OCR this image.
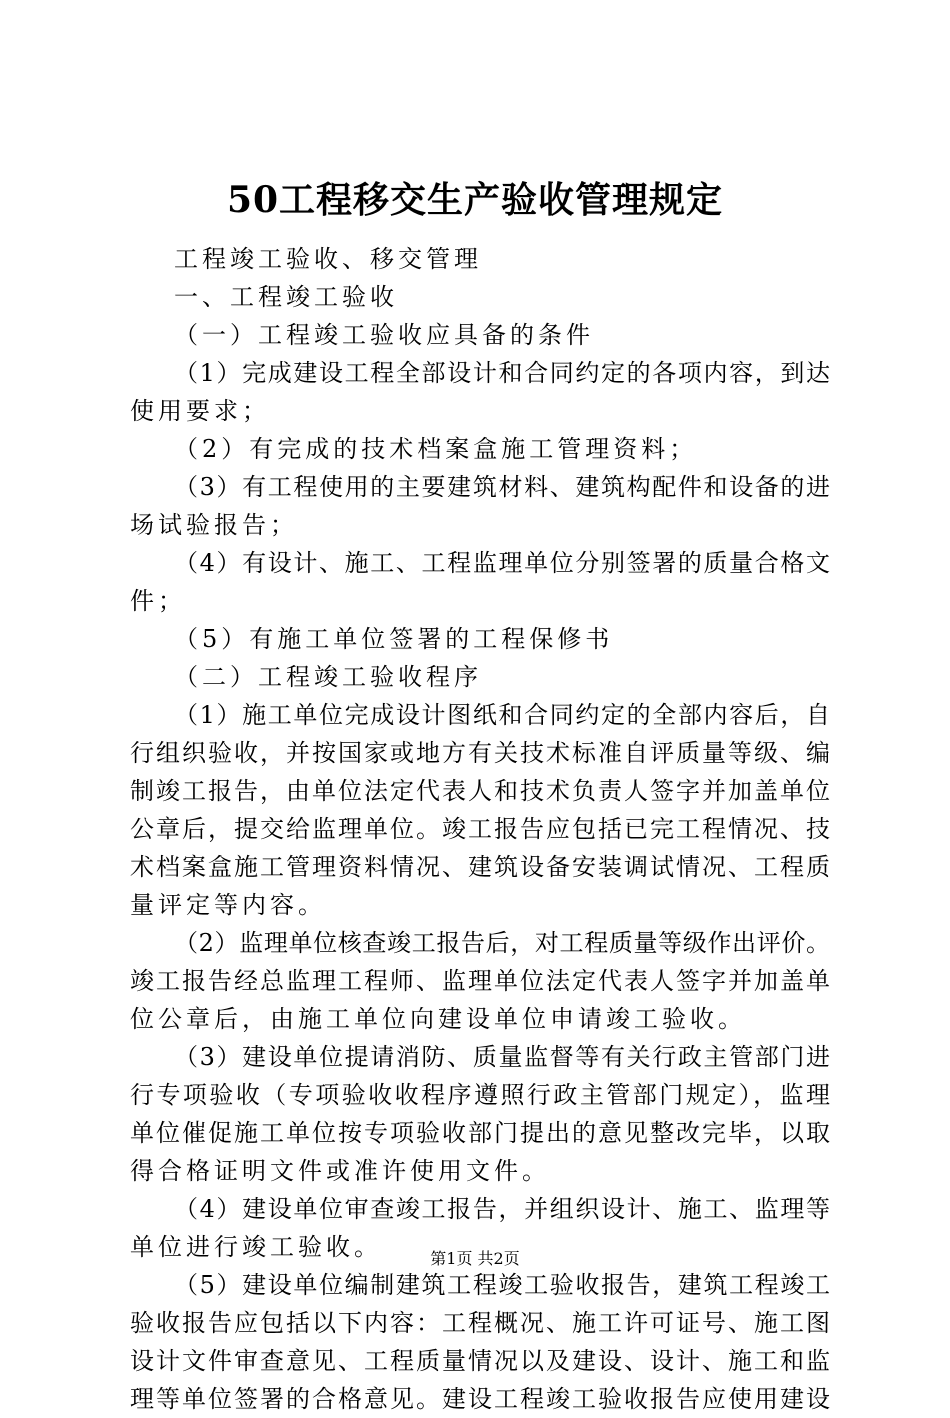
50工程移交生产验收管理规定
工程竣工验收、移交管理
一、工程竣工验收
（一）工程竣工验收应具备的条件
（1）完成建设工程全部设计和合同约定的各项内容，到达
使用要求；
（2）有完成的技术档案盒施工管理资料；
（3）有工程使用的主要建筑材料、建筑构配件和设备的进
场试验报告；
（4）有设计、施工、工程监理单位分别签署的质量合格文
件；
（5）有施工单位签署的工程保修书
（二）工程竣工验收程序
（1）施工单位完成设计图纸和合同约定的全部内容后，自
行组织验收，并按国家或地方有关技术标准自评质量等级、编
制竣工报告，由单位法定代表人和技术负责人签字并加盖单位
公章后，提交给监理单位。竣工报告应包括已完工程情况、技
术档案盒施工管理资料情况、建筑设备安装调试情况、工程质
量评定等内容。
（2）监理单位核查竣工报告后，对工程质量等级作出评价。
竣工报告经总监理工程师、监理单位法定代表人签字并加盖单
位公章后，由施工单位向建设单位申请竣工验收。
（3）建设单位提请消防、质量监督等有关行政主管部门进
行专项验收（专项验收收程序遵照行政主管部门规定），监理
单位催促施工单位按专项验收部门提出的意见整改完毕，以取
得合格证明文件或准许使用文件。
（4）建设单位审查竣工报告，并组织设计、施工、监理等
单位进行竣工验收。
（5）建设单位编制建筑工程竣工验收报告，建筑工程竣工
验收报告应包括以下内容：工程概况、施工许可证号、施工图
设计文件审查意见、工程质量情况以及建设、设计、施工和监
理等单位签署的合格意见。建设工程竣工验收报告应使用建设
第1页 共2页
